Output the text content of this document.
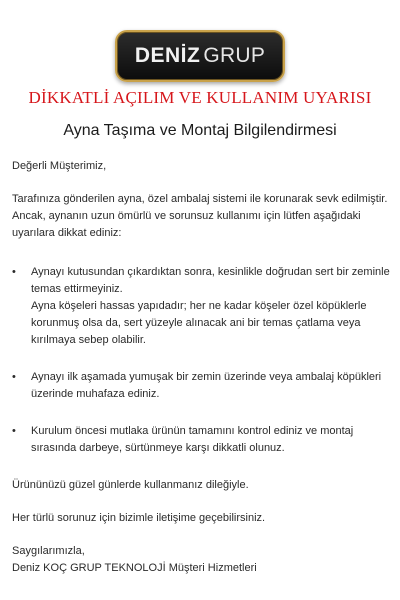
DENİZ GRUP
DİKKATLİ AÇILIM VE KULLANIM UYARISI
Ayna Taşıma ve Montaj Bilgilendirmesi

Değerli Müşterimiz,

Tarafınıza gönderilen ayna, özel ambalaj sistemi ile korunarak sevk edilmiştir. Ancak, aynanın uzun ömürlü ve sorunsuz kullanımı için lütfen aşağıdaki uyarılara dikkat ediniz:

•	Aynayı kutusundan çıkardıktan sonra, kesinlikle doğrudan sert bir zeminle temas ettirmeyiniz.

Ayna köşeleri hassas yapıdadır; her ne kadar köşeler özel köpüklerle korunmuş olsa da, sert yüzeyle alınacak ani bir temas çatlama veya kırılmaya sebep olabilir.

•	Aynayı ilk aşamada yumuşak bir zemin üzerinde veya ambalaj köpükleri üzerinde muhafaza ediniz.

•	Kurulum öncesi mutlaka ürünün tamamını kontrol ediniz ve montaj sırasında darbeye, sürtünmeye karşı dikkatli olunuz.

Ürününüzü güzel günlerde kullanmanız dileğiyle.

Her türlü sorunuz için bizimle iletişime geçebilirsiniz.

Saygılarımızla,

Deniz KOÇ GRUP TEKNOLOJİ Müşteri Hizmetleri
